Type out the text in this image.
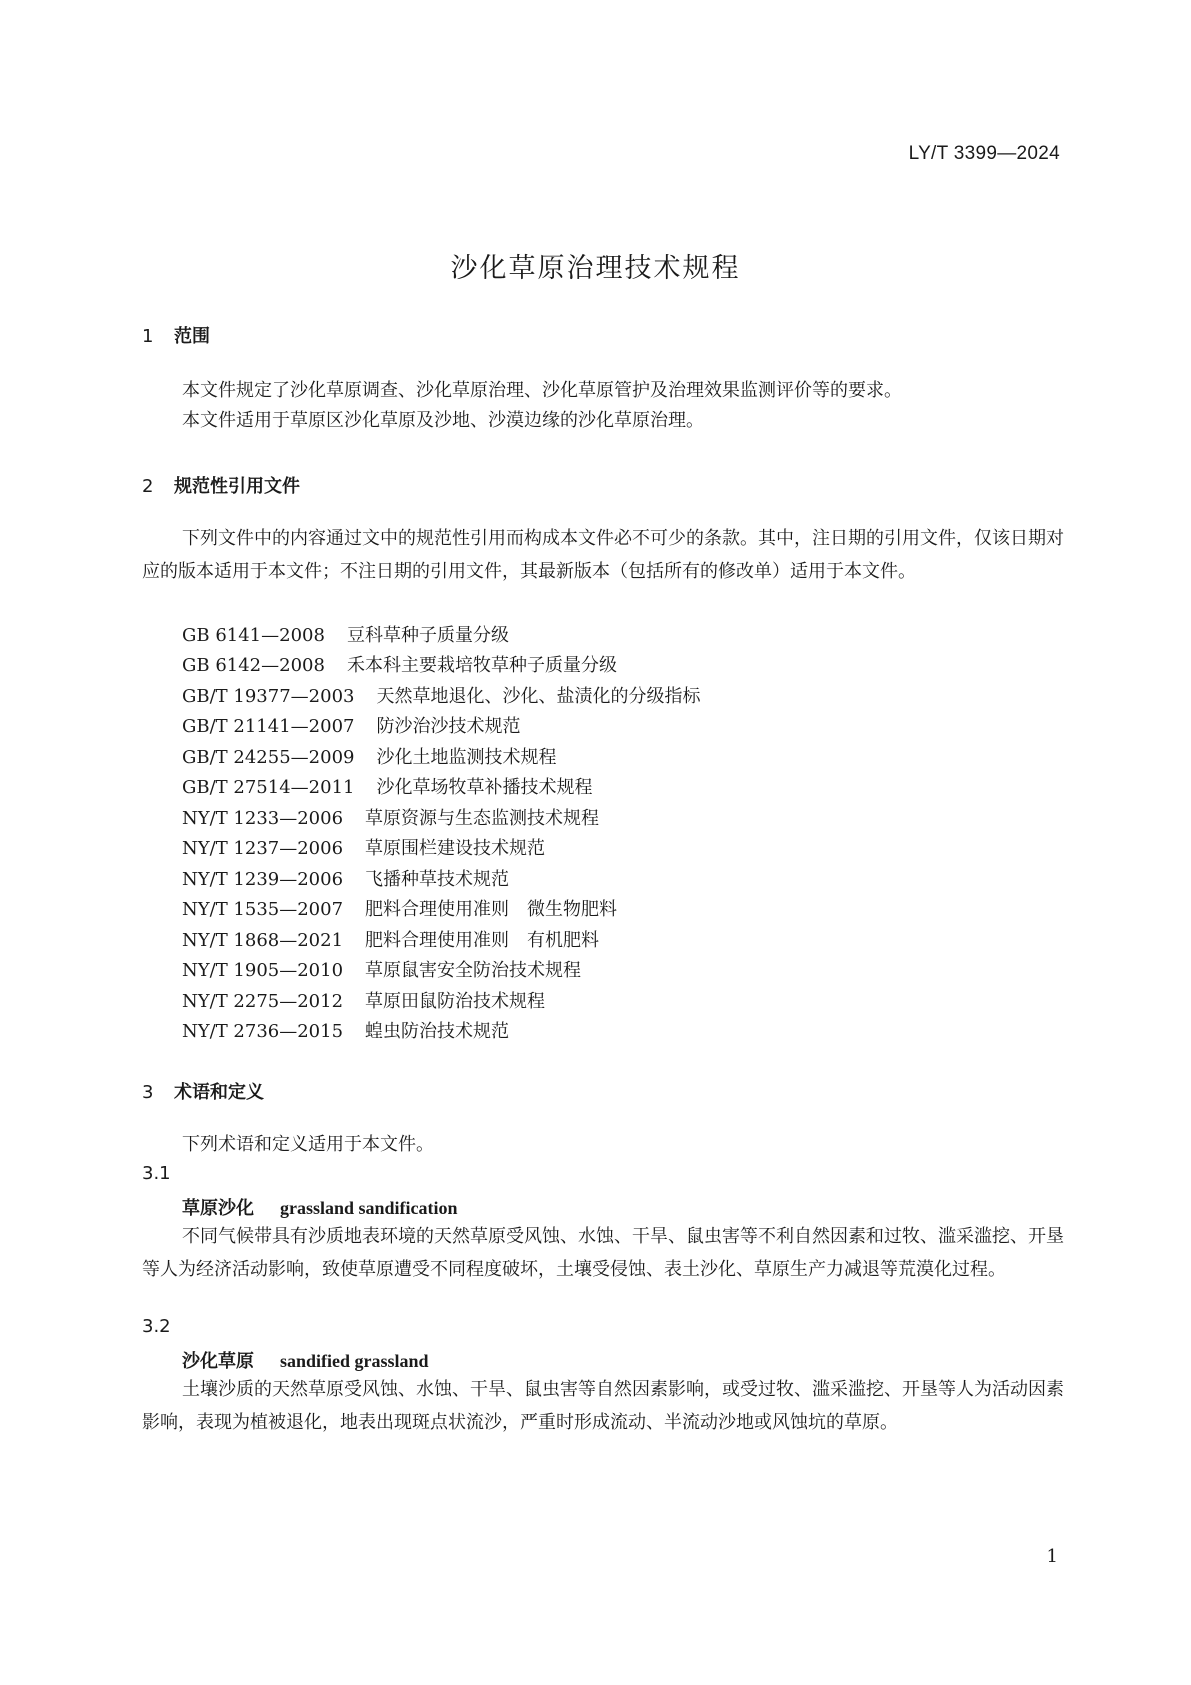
LY/T 3399—2024
沙化草原治理技术规程
1 范围
本文件规定了沙化草原调查、沙化草原治理、沙化草原管护及治理效果监测评价等的要求。
本文件适用于草原区沙化草原及沙地、沙漠边缘的沙化草原治理。
2 规范性引用文件
下列文件中的内容通过文中的规范性引用而构成本文件必不可少的条款。其中，注日期的引用文件，仅该日期对应的版本适用于本文件；不注日期的引用文件，其最新版本（包括所有的修改单）适用于本文件。
GB 6141—2008 豆科草种子质量分级
GB 6142—2008 禾本科主要栽培牧草种子质量分级
GB/T 19377—2003 天然草地退化、沙化、盐渍化的分级指标
GB/T 21141—2007 防沙治沙技术规范
GB/T 24255—2009 沙化土地监测技术规程
GB/T 27514—2011 沙化草场牧草补播技术规程
NY/T 1233—2006 草原资源与生态监测技术规程
NY/T 1237—2006 草原围栏建设技术规范
NY/T 1239—2006 飞播种草技术规范
NY/T 1535—2007 肥料合理使用准则　微生物肥料
NY/T 1868—2021 肥料合理使用准则　有机肥料
NY/T 1905—2010 草原鼠害安全防治技术规程
NY/T 2275—2012 草原田鼠防治技术规程
NY/T 2736—2015 蝗虫防治技术规范
3 术语和定义
下列术语和定义适用于本文件。
3.1
草原沙化 grassland sandification
不同气候带具有沙质地表环境的天然草原受风蚀、水蚀、干旱、鼠虫害等不利自然因素和过牧、滥采滥挖、开垦等人为经济活动影响，致使草原遭受不同程度破坏，土壤受侵蚀、表土沙化、草原生产力减退等荒漠化过程。
3.2
沙化草原 sandified grassland
土壤沙质的天然草原受风蚀、水蚀、干旱、鼠虫害等自然因素影响，或受过牧、滥采滥挖、开垦等人为活动因素影响，表现为植被退化，地表出现斑点状流沙，严重时形成流动、半流动沙地或风蚀坑的草原。
1
